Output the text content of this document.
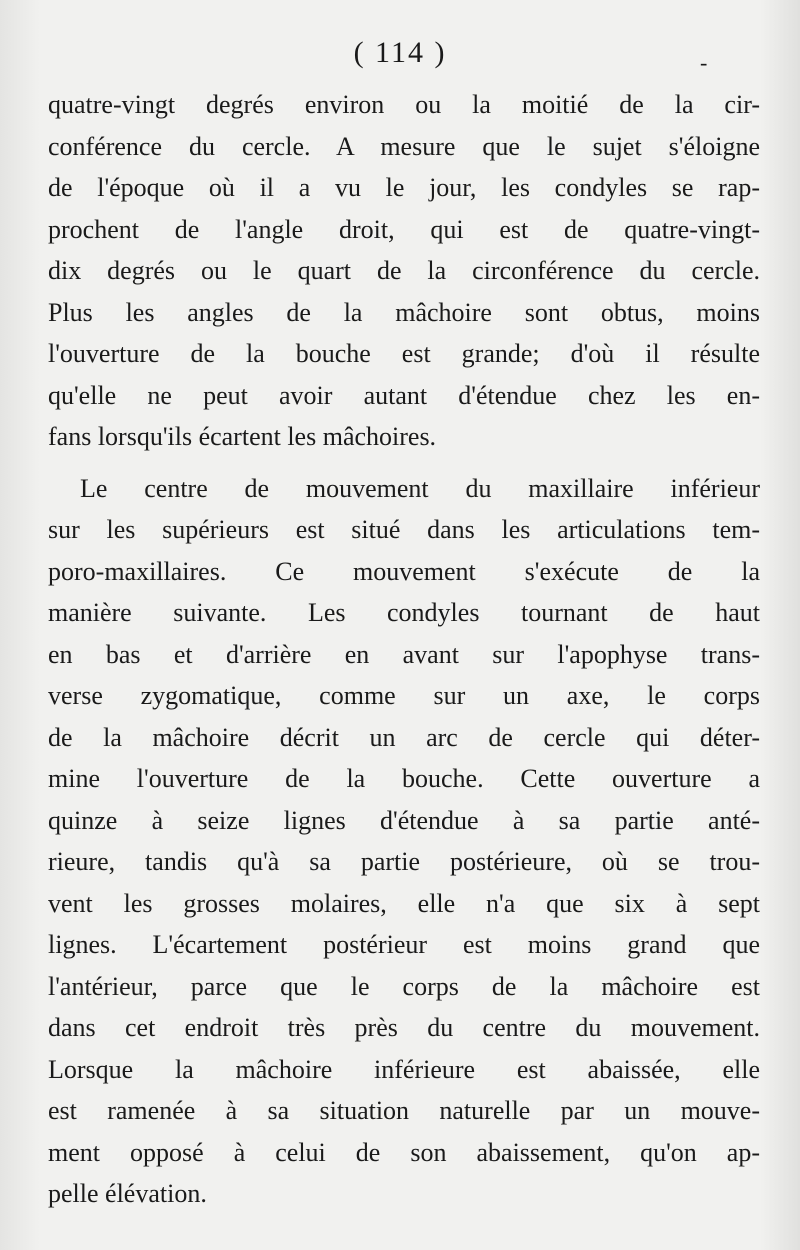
( 114 )	-
quatre-vingt degrés environ ou la moitié de la cir-
conférence du cercle. A mesure que le sujet s'éloigne
de l'époque où il a vu le jour, les condyles se rap-
prochent de l'angle droit, qui est de quatre-vingt-
dix degrés ou le quart de la circonférence du cercle.
Plus les angles de la mâchoire sont obtus, moins
l'ouverture de la bouche est grande; d'où il résulte
qu'elle ne peut avoir autant d'étendue chez les en-
fans lorsqu'ils écartent les mâchoires.
Le centre de mouvement du maxillaire inférieur
sur les supérieurs est situé dans les articulations tem-
poro-maxillaires. Ce mouvement s'exécute de la
manière suivante. Les condyles tournant de haut
en bas et d'arrière en avant sur l'apophyse trans-
verse zygomatique, comme sur un axe, le corps
de la mâchoire décrit un arc de cercle qui déter-
mine l'ouverture de la bouche. Cette ouverture a
quinze à seize lignes d'étendue à sa partie anté-
rieure, tandis qu'à sa partie postérieure, où se trou-
vent les grosses molaires, elle n'a que six à sept
lignes. L'écartement postérieur est moins grand que
l'antérieur, parce que le corps de la mâchoire est
dans cet endroit très près du centre du mouvement.
Lorsque la mâchoire inférieure est abaissée, elle
est ramenée à sa situation naturelle par un mouve-
ment opposé à celui de son abaissement, qu'on ap-
pelle élévation.
